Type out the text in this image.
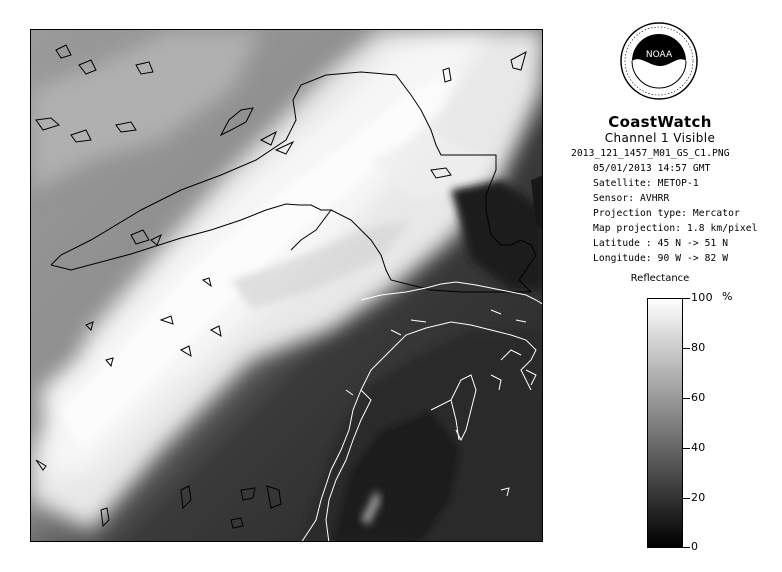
NOAA
CoastWatch
Channel 1 Visible
2013_121_1457_M01_GS_C1.PNG
05/01/2013 14:57 GMT
Satellite: METOP-1
Sensor: AVHRR
Projection type: Mercator
Map projection: 1.8 km/pixel
Latitude : 45 N -> 51 N
Longitude: 90 W -> 82 W
Reflectance
%
100
80
60
40
20
0
